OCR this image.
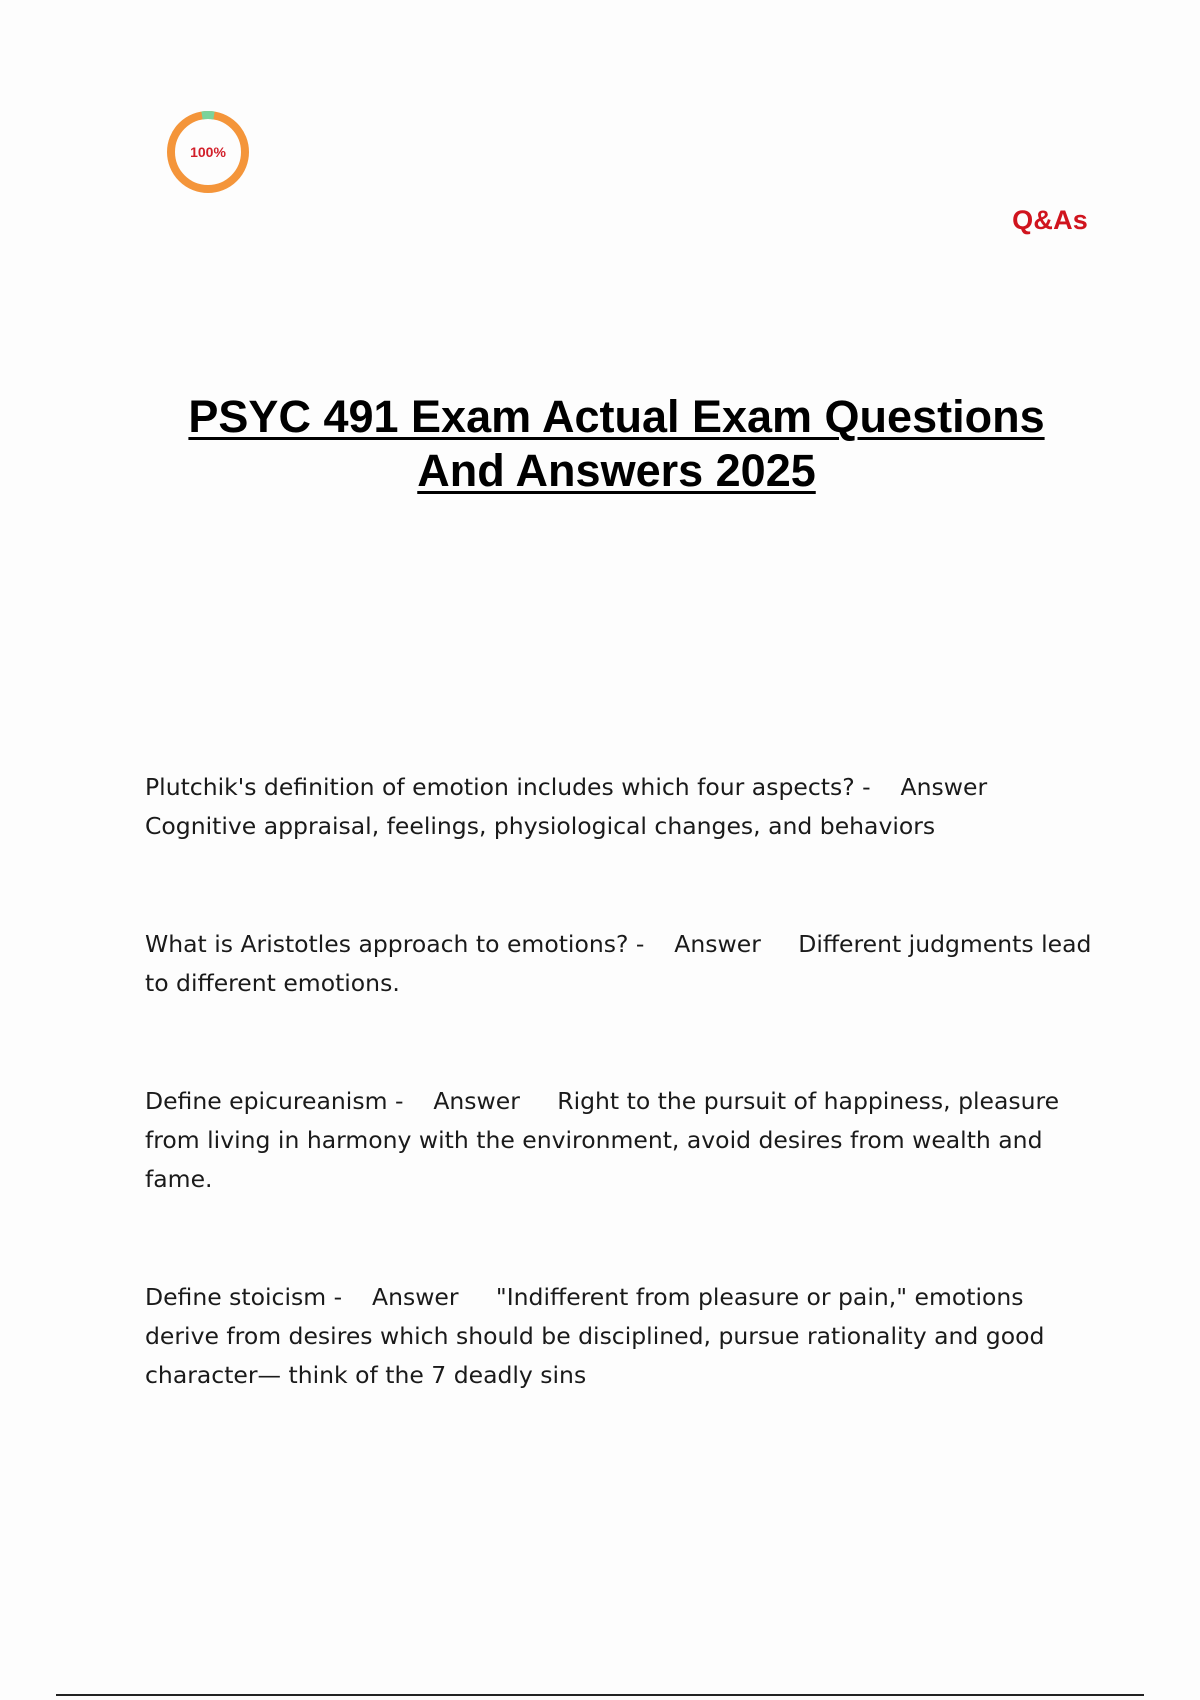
100%
Q&As
PSYC 491 Exam Actual Exam Questions
And Answers 2025

Plutchik's definition of emotion includes which four aspects? - Answer  Cognitive appraisal, feelings, physiological changes, and behaviors

What is Aristotles approach to emotions? - Answer Different judgments lead to different emotions.

Define epicureanism - Answer Right to the pursuit of happiness, pleasure from living in harmony with the environment, avoid desires from wealth and fame.

Define stoicism - Answer "Indifferent from pleasure or pain," emotions derive from desires which should be disciplined, pursue rationality and good character— think of the 7 deadly sins
